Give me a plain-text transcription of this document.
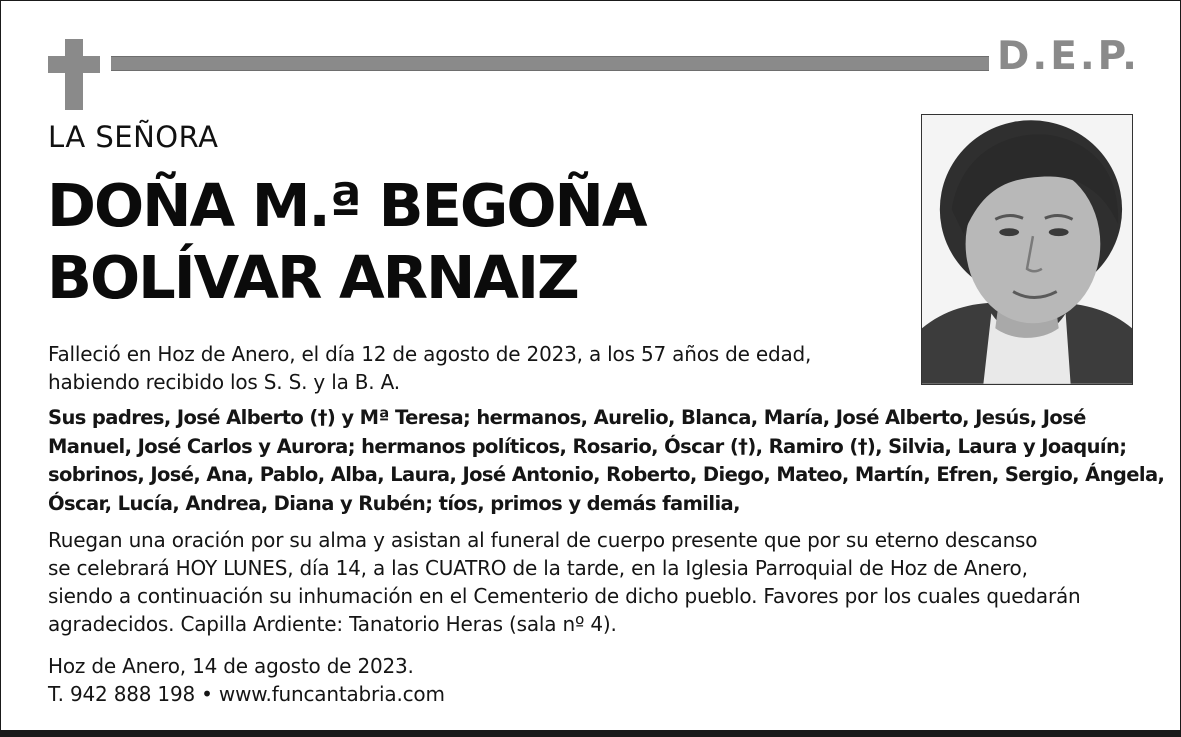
D.E.P.
LA SEÑORA
DOÑA M.ª BEGOÑA
BOLÍVAR ARNAIZ

Falleció en Hoz de Anero, el día 12 de agosto de 2023, a los 57 años de edad,
habiendo recibido los S. S. y la B. A.

Sus padres, José Alberto (†) y Mª Teresa; hermanos, Aurelio, Blanca, María, José Alberto, Jesús, José
Manuel, José Carlos y Aurora; hermanos políticos, Rosario, Óscar (†), Ramiro (†), Silvia, Laura y Joaquín;
sobrinos, José, Ana, Pablo, Alba, Laura, José Antonio, Roberto, Diego, Mateo, Martín, Efren, Sergio, Ángela,
Óscar, Lucía, Andrea, Diana y Rubén; tíos, primos y demás familia,

Ruegan una oración por su alma y asistan al funeral de cuerpo presente que por su eterno descanso
se celebrará HOY LUNES, día 14, a las CUATRO de la tarde, en la Iglesia Parroquial de Hoz de Anero,
siendo a continuación su inhumación en el Cementerio de dicho pueblo. Favores por los cuales quedarán
agradecidos. Capilla Ardiente: Tanatorio Heras (sala nº 4).

Hoz de Anero, 14 de agosto de 2023.
T. 942 888 198 • www.funcantabria.com
